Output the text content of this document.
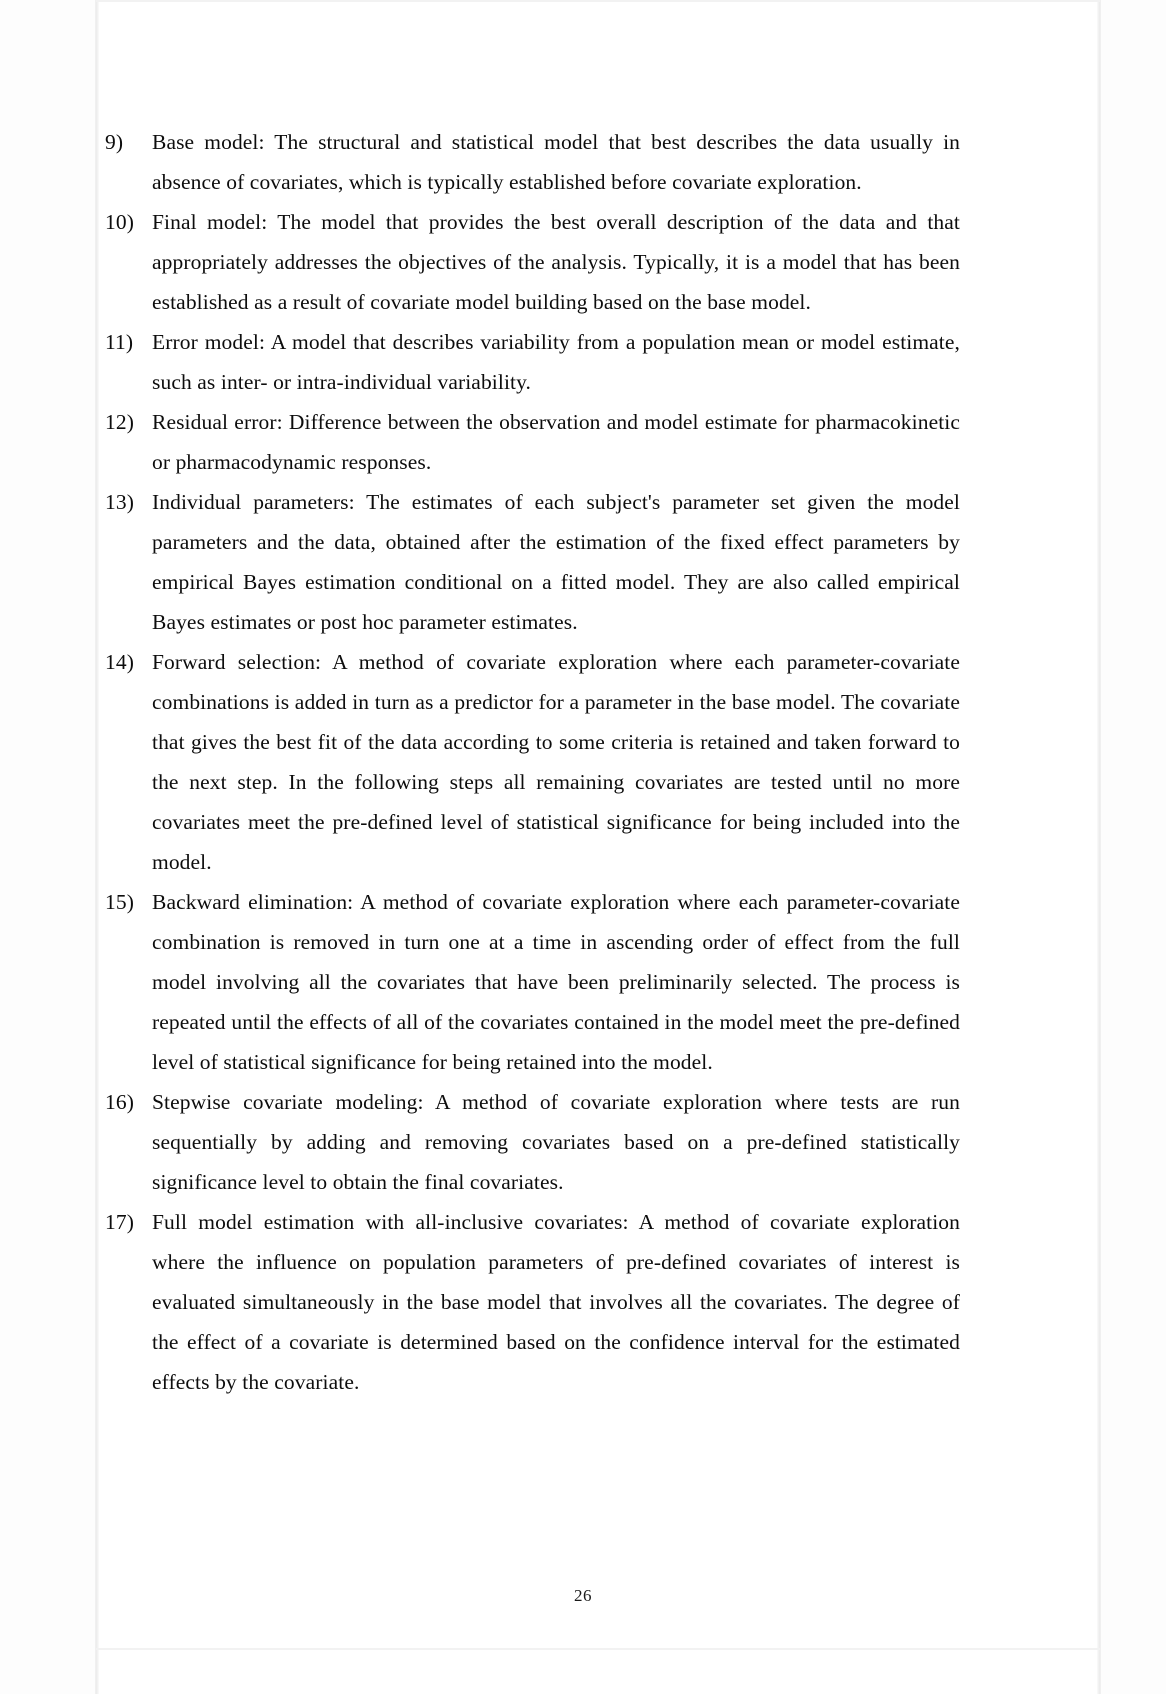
9)	Base model: The structural and statistical model that best describes the data usually in absence of covariates, which is typically established before covariate exploration.
10) Final model: The model that provides the best overall description of the data and that appropriately addresses the objectives of the analysis. Typically, it is a model that has been established as a result of covariate model building based on the base model.
11) Error model: A model that describes variability from a population mean or model estimate, such as inter- or intra-individual variability.
12) Residual error: Difference between the observation and model estimate for pharmacokinetic or pharmacodynamic responses.
13) Individual parameters: The estimates of each subject's parameter set given the model parameters and the data, obtained after the estimation of the fixed effect parameters by empirical Bayes estimation conditional on a fitted model. They are also called empirical Bayes estimates or post hoc parameter estimates.
14) Forward selection: A method of covariate exploration where each parameter-covariate combinations is added in turn as a predictor for a parameter in the base model. The covariate that gives the best fit of the data according to some criteria is retained and taken forward to the next step. In the following steps all remaining covariates are tested until no more covariates meet the pre-defined level of statistical significance for being included into the model.
15) Backward elimination: A method of covariate exploration where each parameter-covariate combination is removed in turn one at a time in ascending order of effect from the full model involving all the covariates that have been preliminarily selected. The process is repeated until the effects of all of the covariates contained in the model meet the pre-defined level of statistical significance for being retained into the model.
16) Stepwise covariate modeling: A method of covariate exploration where tests are run sequentially by adding and removing covariates based on a pre-defined statistically significance level to obtain the final covariates.
17) Full model estimation with all-inclusive covariates: A method of covariate exploration where the influence on population parameters of pre-defined covariates of interest is evaluated simultaneously in the base model that involves all the covariates. The degree of the effect of a covariate is determined based on the confidence interval for the estimated effects by the covariate.
26
